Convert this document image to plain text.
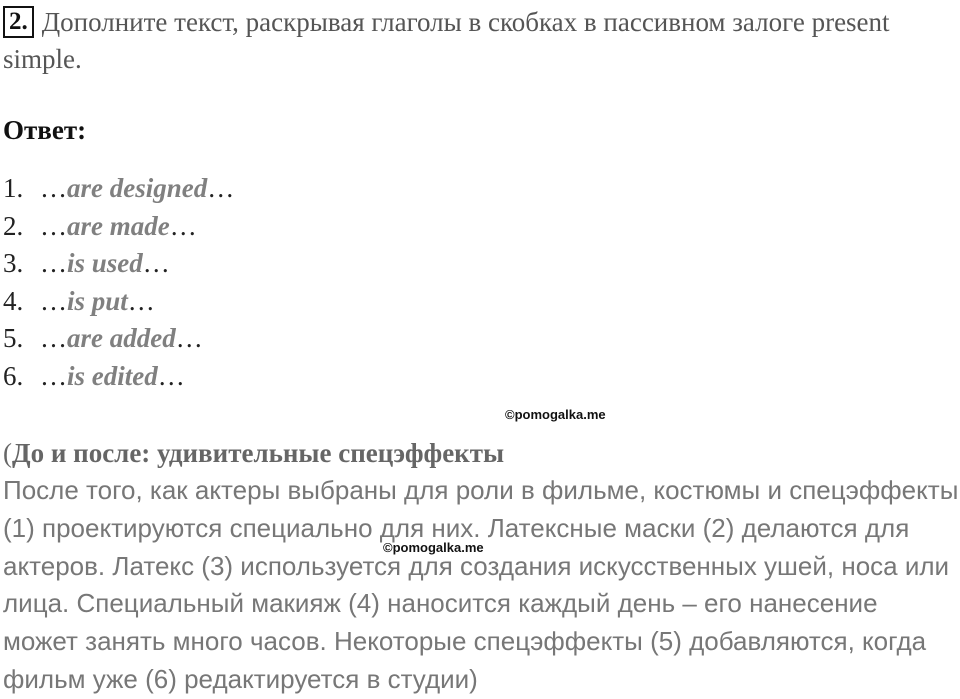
2. Дополните текст, раскрывая глаголы в скобках в пассивном залоге present simple.
Ответ:
1. …are designed…
2. …are made…
3. …is used…
4. …is put…
5. …are added…
6. …is edited…
©pomogalka.me
(До и после: удивительные спецэффекты
После того, как актеры выбраны для роли в фильме, костюмы и спецэффекты
(1) проектируются специально для них. Латексные маски (2) делаются для
актеров. Латекс (3) используется для создания искусственных ушей, носа или
лица. Специальный макияж (4) наносится каждый день – его нанесение
может занять много часов. Некоторые спецэффекты (5) добавляются, когда
фильм уже (6) редактируется в студии)
©pomogalka.me
